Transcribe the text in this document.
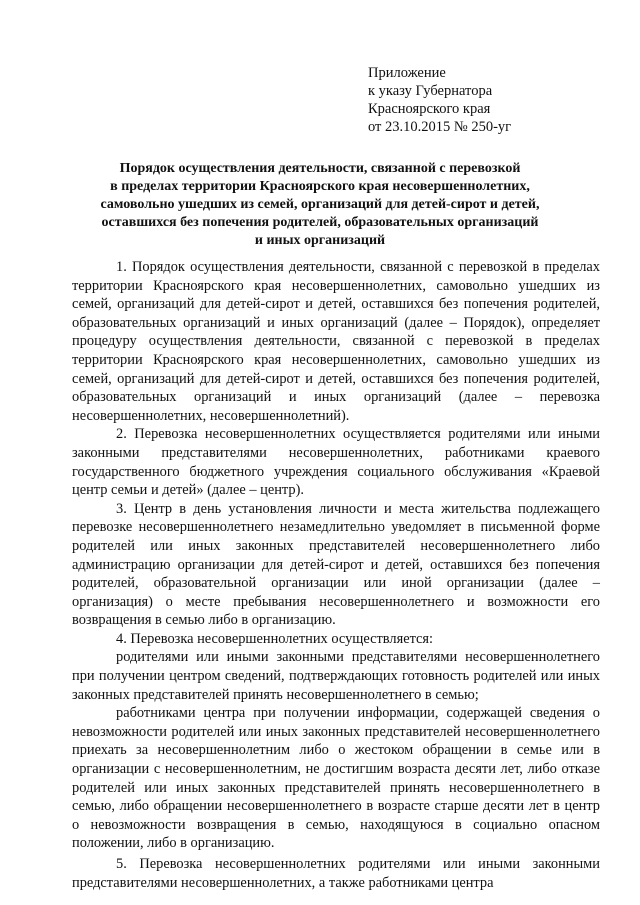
Приложение
к указу Губернатора
Красноярского края
от 23.10.2015 № 250-уг
Порядок осуществления деятельности, связанной с перевозкой
в пределах территории Красноярского края несовершеннолетних,
самовольно ушедших из семей, организаций для детей-сирот и детей,
оставшихся без попечения родителей, образовательных организаций
и иных организаций

1. Порядок осуществления деятельности, связанной с перевозкой в пределах территории Красноярского края несовершеннолетних, самовольно ушедших из семей, организаций для детей-сирот и детей, оставшихся без попечения родителей, образовательных организаций и иных организаций (далее – Порядок), определяет процедуру осуществления деятельности, связанной с перевозкой в пределах территории Красноярского края несовершеннолетних, самовольно ушедших из семей, организаций для детей-сирот и детей, оставшихся без попечения родителей, образовательных организаций и иных организаций (далее – перевозка несовершеннолетних, несовершеннолетний).

2. Перевозка несовершеннолетних осуществляется родителями или иными законными представителями несовершеннолетних, работниками краевого государственного бюджетного учреждения социального обслуживания «Краевой центр семьи и детей» (далее – центр).

3. Центр в день установления личности и места жительства подлежащего перевозке несовершеннолетнего незамедлительно уведомляет в письменной форме родителей или иных законных представителей несовершеннолетнего либо администрацию организации для детей-сирот и детей, оставшихся без попечения родителей, образовательной организации или иной организации (далее – организация) о месте пребывания несовершеннолетнего и возможности его возвращения в семью либо в организацию.

4. Перевозка несовершеннолетних осуществляется:

родителями или иными законными представителями несовершеннолетнего при получении центром сведений, подтверждающих готовность родителей или иных законных представителей принять несовершеннолетнего в семью;

работниками центра при получении информации, содержащей сведения о невозможности родителей или иных законных представителей несовершеннолетнего приехать за несовершеннолетним либо о жестоком обращении в семье или в организации с несовершеннолетним, не достигшим возраста десяти лет, либо отказе родителей или иных законных представителей принять несовершеннолетнего в семью, либо обращении несовершеннолетнего в возрасте старше десяти лет в центр о невозможности возвращения в семью, находящуюся в социально опасном положении, либо в организацию.

5. Перевозка несовершеннолетних родителями или иными законными представителями несовершеннолетних, а также работниками центра
